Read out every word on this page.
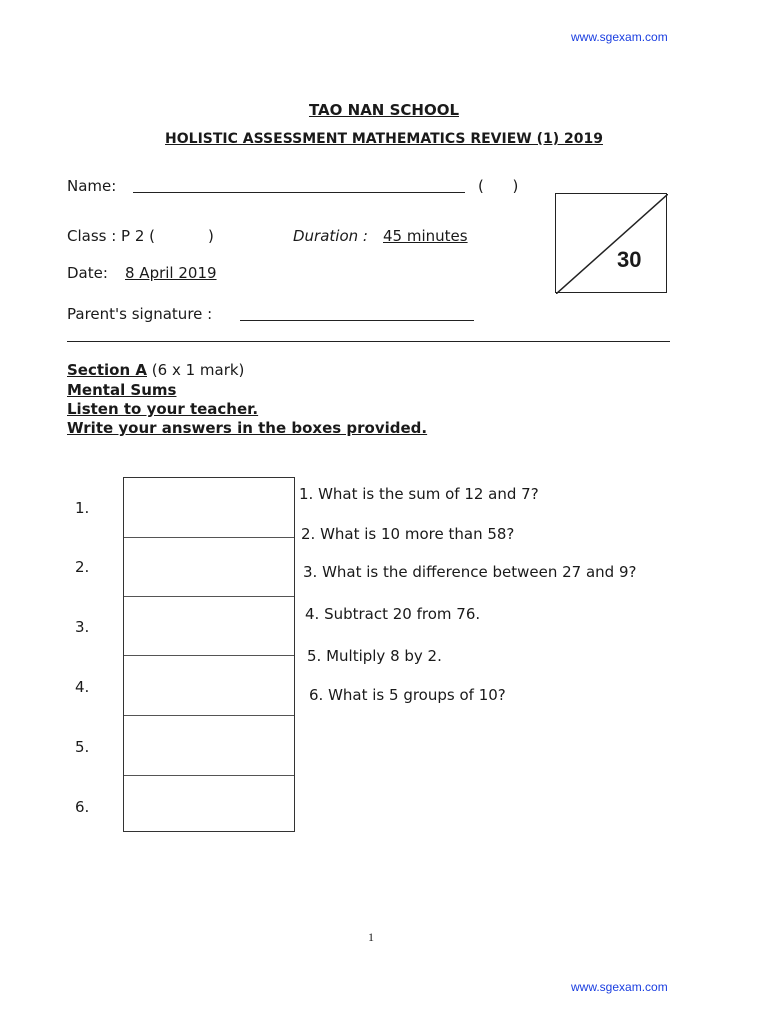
www.sgexam.com
TAO NAN SCHOOL
HOLISTIC ASSESSMENT MATHEMATICS REVIEW (1) 2019
Name:	(      )
Class : P 2 (	)	Duration : 45 minutes
Date: 8 April 2019
Parent's signature :
30
Section A (6 x 1 mark)
Mental Sums
Listen to your teacher.
Write your answers in the boxes provided.
1.
2.
3.
4.
5.
6.
1. What is the sum of 12 and 7?
2. What is 10 more than 58?
3. What is the difference between 27 and 9?
4. Subtract 20 from 76.
5. Multiply 8 by 2.
6. What is 5 groups of 10?
1
www.sgexam.com
